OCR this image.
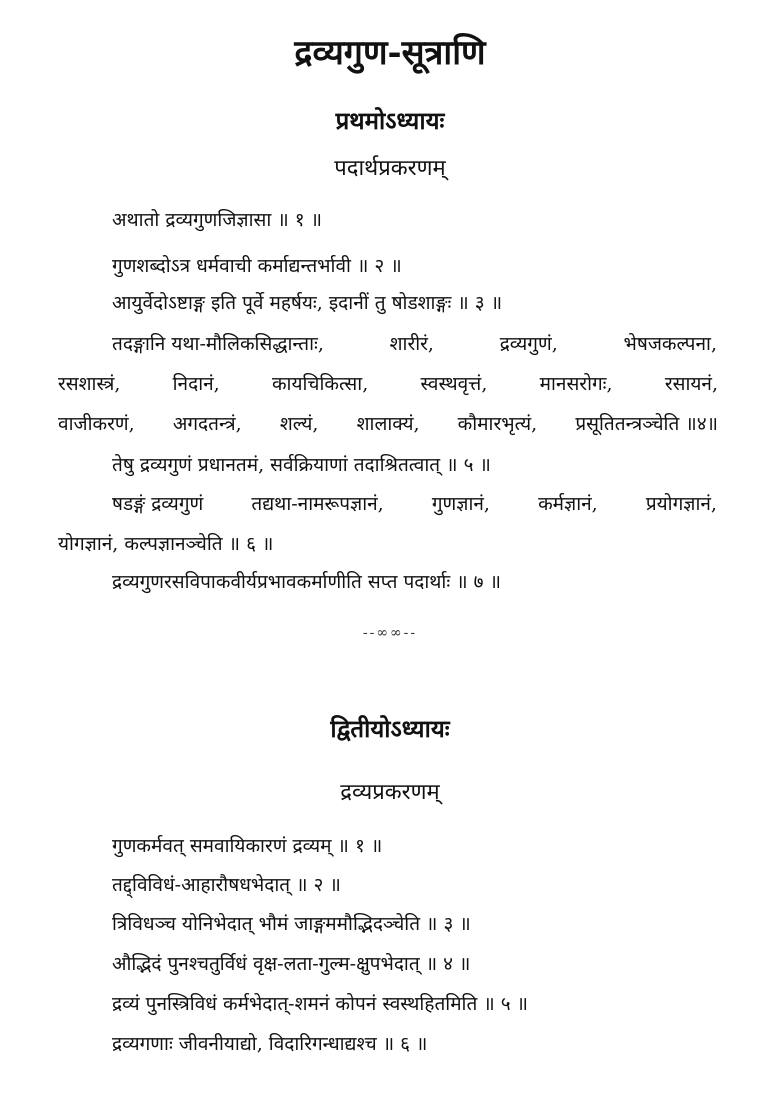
द्रव्यगुण-सूत्राणि
प्रथमोऽध्यायः
पदार्थप्रकरणम्
अथातो द्रव्यगुणजिज्ञासा ॥ १ ॥
गुणशब्दोऽत्र धर्मवाची कर्माद्यन्तर्भावी ॥ २ ॥
आयुर्वेदोऽष्टाङ्ग इति पूर्वे महर्षयः, इदानीं तु षोडशाङ्गः ॥ ३ ॥
तदङ्गानि यथा-मौलिकसिद्धान्ताः,	शारीरं,	द्रव्यगुणं,	भेषजकल्पना,
रसशास्त्रं,	निदानं,	कायचिकित्सा,	स्वस्थवृत्तं,	मानसरोगः,	रसायनं,
वाजीकरणं, अगदतन्त्रं, शल्यं, शालाक्यं, कौमारभृत्यं, प्रसूतितन्त्रञ्चेति ॥४॥
तेषु द्रव्यगुणं प्रधानतमं, सर्वक्रियाणां तदाश्रितत्वात् ॥ ५ ॥
षडङ्गं द्रव्यगुणं	तद्यथा-नामरूपज्ञानं,	गुणज्ञानं,	कर्मज्ञानं,	प्रयोगज्ञानं,
योगज्ञानं, कल्पज्ञानञ्चेति ॥ ६ ॥
द्रव्यगुणरसविपाकवीर्यप्रभावकर्माणीति सप्त पदार्थाः ॥ ७ ॥
--∞∞--
द्वितीयोऽध्यायः
द्रव्यप्रकरणम्
गुणकर्मवत् समवायिकारणं द्रव्यम् ॥ १ ॥
तद्द्विविधं-आहारौषधभेदात् ॥ २ ॥
त्रिविधञ्च योनिभेदात् भौमं जाङ्गममौद्भिदञ्चेति ॥ ३ ॥
औद्भिदं पुनश्चतुर्विधं वृक्ष-लता-गुल्म-क्षुपभेदात् ॥ ४ ॥
द्रव्यं पुनस्त्रिविधं कर्मभेदात्-शमनं कोपनं स्वस्थहितमिति ॥ ५ ॥
द्रव्यगणाः जीवनीयाद्यो, विदारिगन्धाद्यश्च ॥ ६ ॥
